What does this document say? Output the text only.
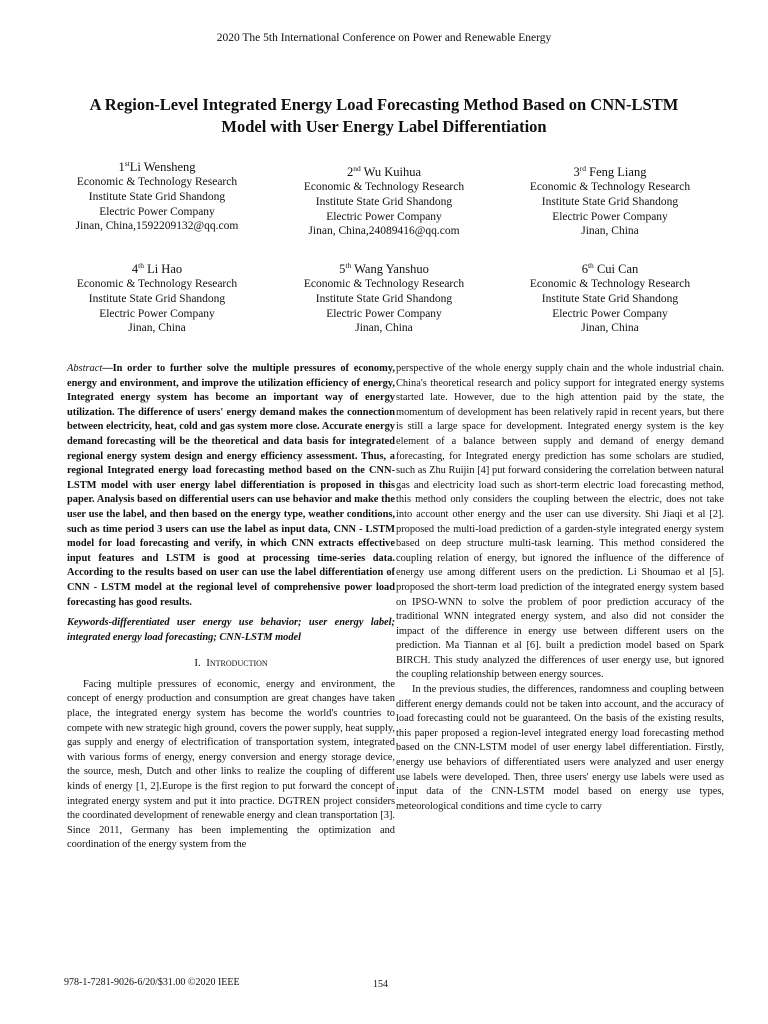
2020 The 5th International Conference on Power and Renewable Energy
A Region-Level Integrated Energy Load Forecasting Method Based on CNN-LSTM
Model with User Energy Label Differentiation
1stLi Wensheng
Economic & Technology Research
Institute State Grid Shandong
Electric Power Company
Jinan, China,1592209132@qq.com
2nd Wu Kuihua
Economic & Technology Research
Institute State Grid Shandong
Electric Power Company
Jinan, China,24089416@qq.com
3rd Feng Liang
Economic & Technology Research
Institute State Grid Shandong
Electric Power Company
Jinan, China
4th Li Hao
Economic & Technology Research
Institute State Grid Shandong
Electric Power Company
Jinan, China
5th Wang Yanshuo
Economic & Technology Research
Institute State Grid Shandong
Electric Power Company
Jinan, China
6th Cui Can
Economic & Technology Research
Institute State Grid Shandong
Electric Power Company
Jinan, China

Abstract—In order to further solve the multiple pressures of economy, energy and environment, and improve the utilization efficiency of energy, Integrated energy system has become an important way of energy utilization. The difference of users' energy demand makes the connection between electricity, heat, cold and gas system more close. Accurate energy demand forecasting will be the theoretical and data basis for integrated regional energy system design and energy efficiency assessment. Thus, a regional Integrated energy load forecasting method based on the CNN-LSTM model with user energy label differentiation is proposed in this paper. Analysis based on differential users can use behavior and make the user use the label, and then based on the energy type, weather conditions, such as time period 3 users can use the label as input data, CNN - LSTM model for load forecasting and verify, in which CNN extracts effective input features and LSTM is good at processing time-series data. According to the results based on user can use the label differentiation of CNN - LSTM model at the regional level of comprehensive power load forecasting has good results.

Keywords-differentiated user energy use behavior; user energy label; integrated energy load forecasting; CNN-LSTM model

I. Introduction

Facing multiple pressures of economic, energy and environment, the concept of energy production and consumption are great changes have taken place, the integrated energy system has become the world's countries to compete with new strategic high ground, covers the power supply, heat supply, gas supply and energy of electrification of transportation system, integrated with various forms of energy, energy conversion and energy storage device, the source, mesh, Dutch and other links to realize the coupling of different kinds of energy [1, 2].Europe is the first region to put forward the concept of integrated energy system and put it into practice. DGTREN project considers the coordinated development of renewable energy and clean transportation [3]. Since 2011, Germany has been implementing the optimization and coordination of the energy system from the

perspective of the whole energy supply chain and the whole industrial chain. China's theoretical research and policy support for integrated energy systems started late. However, due to the high attention paid by the state, the momentum of development has been relatively rapid in recent years, but there is still a large space for development. Integrated energy system is the key element of a balance between supply and demand of energy demand forecasting, for Integrated energy prediction has some scholars are studied, such as Zhu Ruijin [4] put forward considering the correlation between natural gas and electricity load such as short-term electric load forecasting method, this method only considers the coupling between the electric, does not take into account other energy and the user can use diversity. Shi Jiaqi et al [2]. proposed the multi-load prediction of a garden-style integrated energy system based on deep structure multi-task learning. This method considered the coupling relation of energy, but ignored the influence of the difference of energy use among different users on the prediction. Li Shoumao et al [5]. proposed the short-term load prediction of the integrated energy system based on IPSO-WNN to solve the problem of poor prediction accuracy of the traditional WNN integrated energy system, and also did not consider the impact of the difference in energy use between different users on the prediction. Ma Tiannan et al [6]. built a prediction model based on Spark BIRCH. This study analyzed the differences of user energy use, but ignored the coupling relationship between energy sources.

In the previous studies, the differences, randomness and coupling between different energy demands could not be taken into account, and the accuracy of load forecasting could not be guaranteed. On the basis of the existing results, this paper proposed a region-level integrated energy load forecasting method based on the CNN-LSTM model of user energy label differentiation. Firstly, energy use behaviors of differentiated users were analyzed and user energy use labels were developed. Then, three users' energy use labels were used as input data of the CNN-LSTM model based on energy use types, meteorological conditions and time cycle to carry

978-1-7281-9026-6/20/$31.00 ©2020 IEEE	154
